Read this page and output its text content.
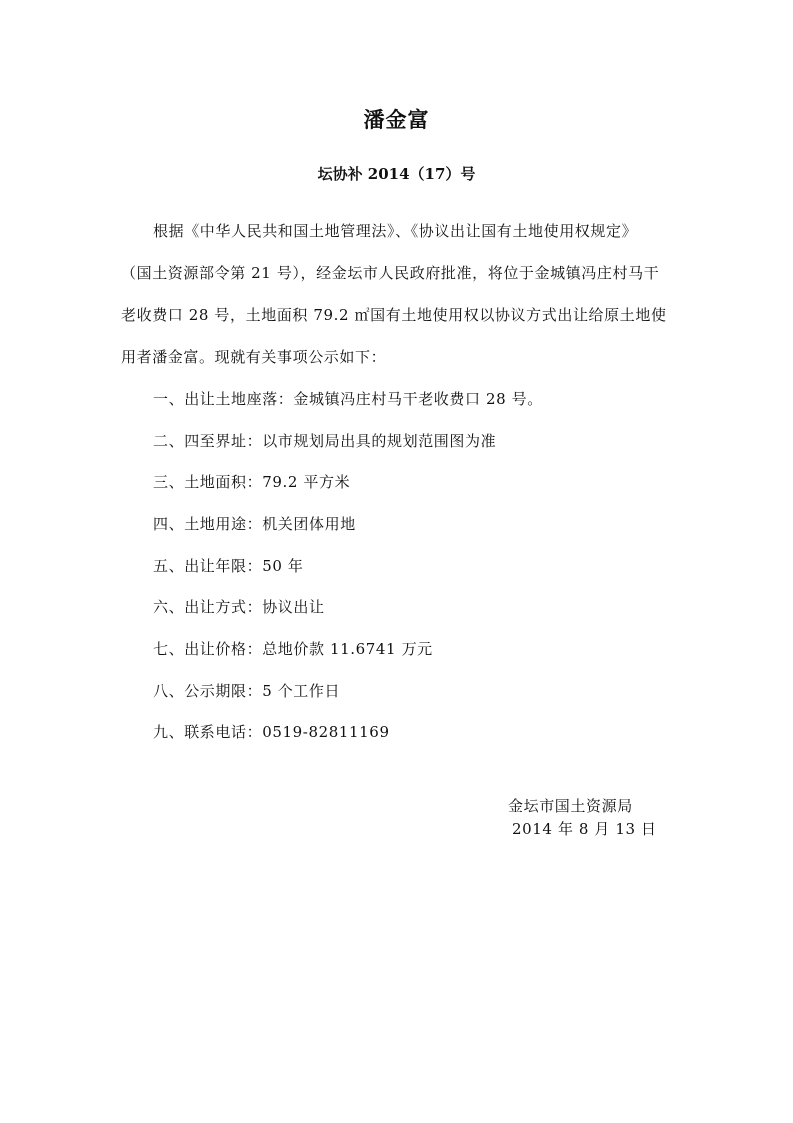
潘金富
坛协补 2014（17）号
根据《中华人民共和国土地管理法》、《协议出让国有土地使用权规定》
（国土资源部令第 21 号），经金坛市人民政府批准，将位于金城镇冯庄村马干
老收费口 28 号，土地面积 79.2 ㎡国有土地使用权以协议方式出让给原土地使
用者潘金富。现就有关事项公示如下：
一、出让土地座落：金城镇冯庄村马干老收费口 28 号。
二、四至界址：以市规划局出具的规划范围图为准
三、土地面积：79.2 平方米
四、土地用途：机关团体用地
五、出让年限：50 年
六、出让方式：协议出让
七、出让价格：总地价款 11.6741 万元
八、公示期限：5 个工作日
九、联系电话：0519-82811169
金坛市国土资源局
2014 年 8 月 13 日
